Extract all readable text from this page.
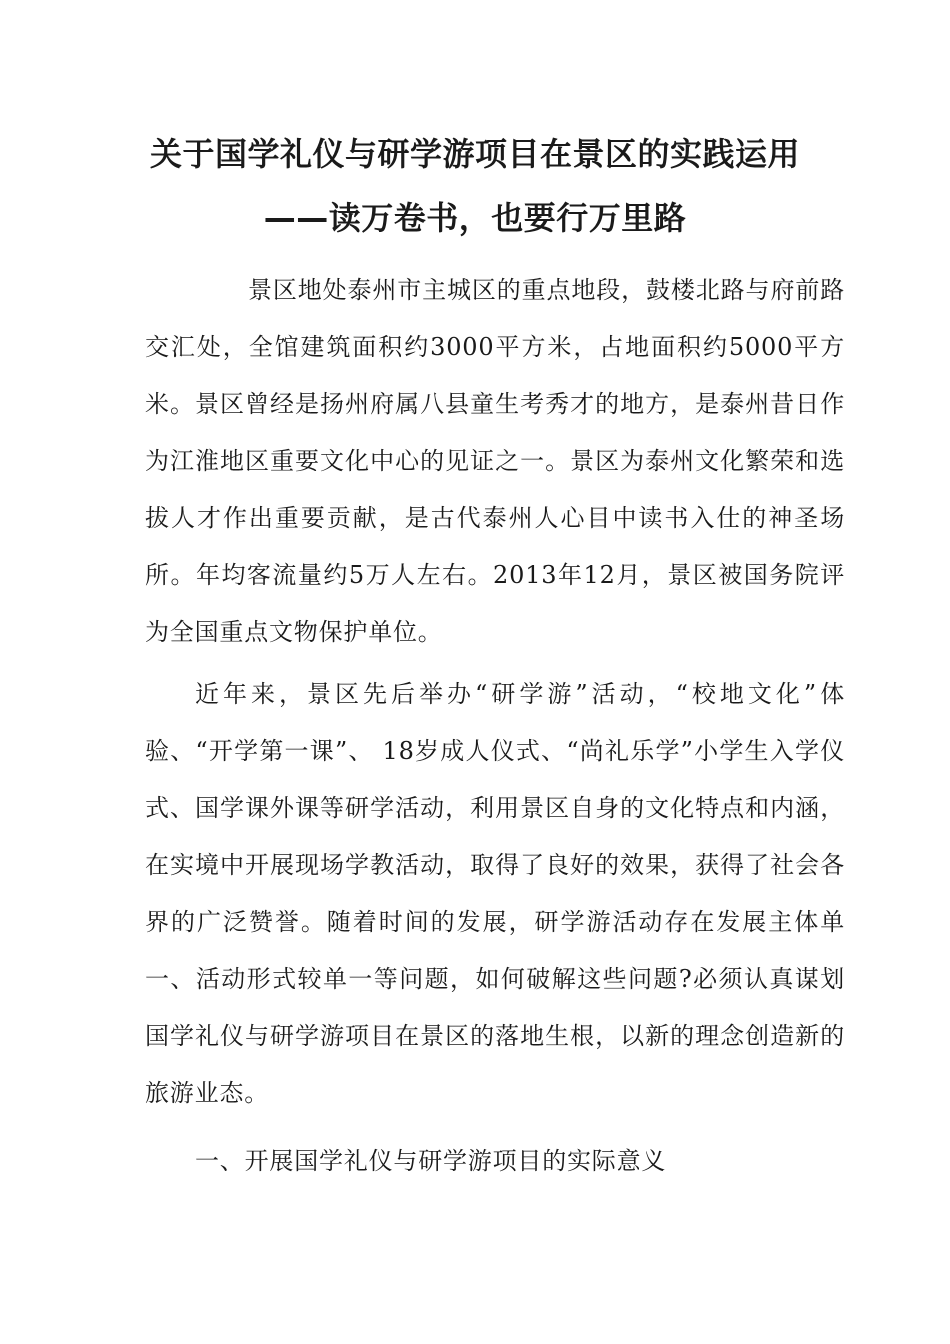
关于国学礼仪与研学游项目在景区的实践运用
——读万卷书，也要行万里路

景区地处泰州市主城区的重点地段，鼓楼北路与府前路交汇处，全馆建筑面积约3000平方米，占地面积约5000平方米。景区曾经是扬州府属八县童生考秀才的地方，是泰州昔日作为江淮地区重要文化中心的见证之一。景区为泰州文化繁荣和选拔人才作出重要贡献，是古代泰州人心目中读书入仕的神圣场所。年均客流量约5万人左右。2013年12月，景区被国务院评为全国重点文物保护单位。

近年来，景区先后举办“研学游”活动，“校地文化”体验、“开学第一课”、 18岁成人仪式、“尚礼乐学”小学生入学仪式、国学课外课等研学活动，利用景区自身的文化特点和内涵，在实境中开展现场学教活动，取得了良好的效果，获得了社会各界的广泛赞誉。随着时间的发展，研学游活动存在发展主体单一、活动形式较单一等问题，如何破解这些问题?必须认真谋划国学礼仪与研学游项目在景区的落地生根，以新的理念创造新的旅游业态。

一、开展国学礼仪与研学游项目的实际意义
